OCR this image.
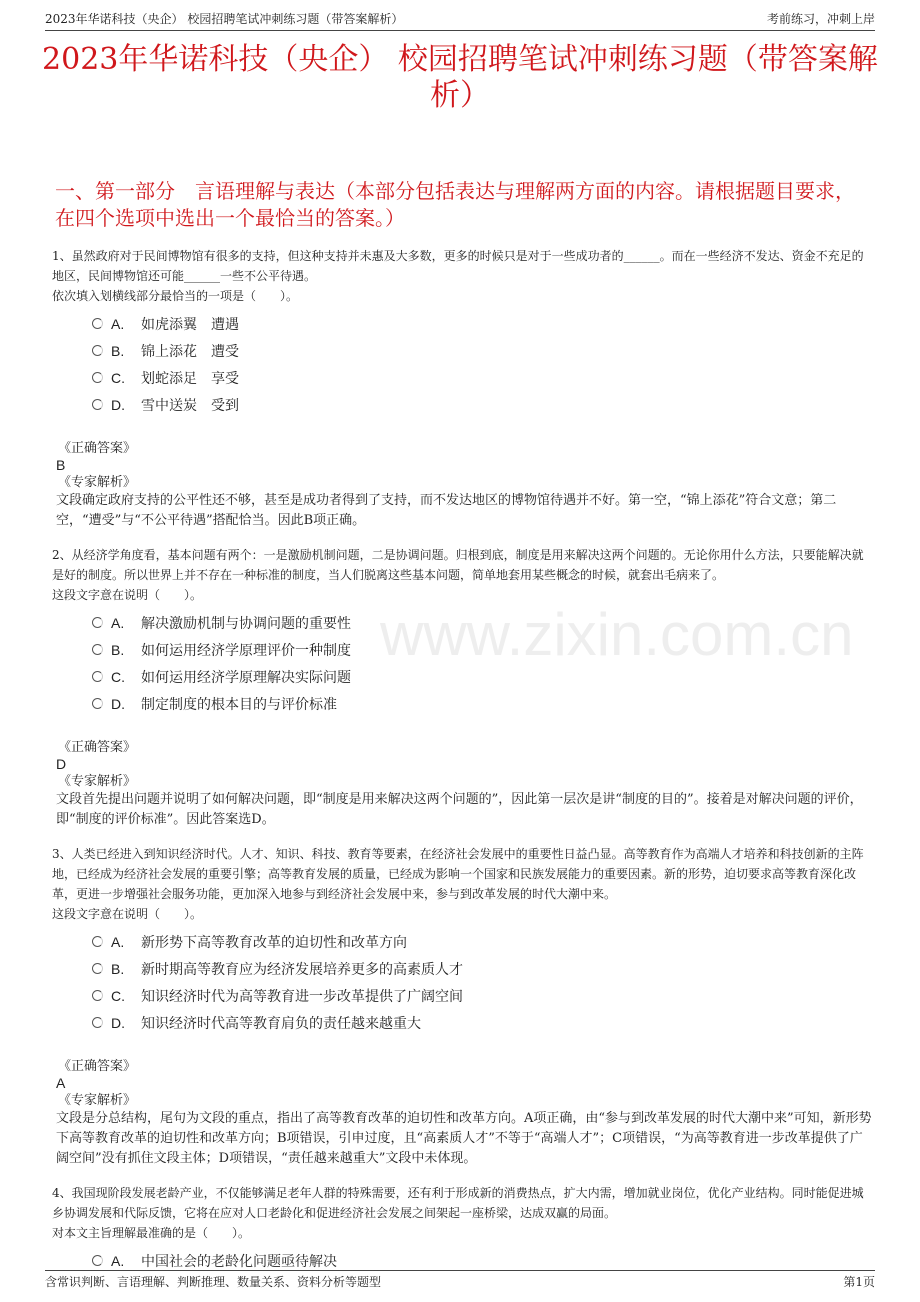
2023年华诺科技（央企） 校园招聘笔试冲刺练习题（带答案解析）	考前练习，冲刺上岸
2023年华诺科技（央企） 校园招聘笔试冲刺练习题（带答案解析）
一、第一部分　言语理解与表达（本部分包括表达与理解两方面的内容。请根据题目要求，在四个选项中选出一个最恰当的答案。）
www.zixin.com.cn

1、虽然政府对于民间博物馆有很多的支持，但这种支持并未惠及大多数，更多的时候只是对于一些成功者的______。而在一些经济不发达、资金不充足的地区，民间博物馆还可能______一些不公平待遇。

依次填入划横线部分最恰当的一项是（　　）。

A.	如虎添翼　遭遇
B.	锦上添花　遭受
C.	划蛇添足　享受
D.	雪中送炭　受到
《正确答案》
B
《专家解析》

文段确定政府支持的公平性还不够，甚至是成功者得到了支持，而不发达地区的博物馆待遇并不好。第一空，“锦上添花”符合文意；第二空，“遭受”与“不公平待遇”搭配恰当。因此B项正确。

2、从经济学角度看，基本问题有两个：一是激励机制问题，二是协调问题。归根到底，制度是用来解决这两个问题的。无论你用什么方法，只要能解决就是好的制度。所以世界上并不存在一种标准的制度，当人们脱离这些基本问题，简单地套用某些概念的时候，就套出毛病来了。

这段文字意在说明（　　）。

A.	解决激励机制与协调问题的重要性
B.	如何运用经济学原理评价一种制度
C.	如何运用经济学原理解决实际问题
D.	制定制度的根本目的与评价标准
《正确答案》
D
《专家解析》

文段首先提出问题并说明了如何解决问题，即“制度是用来解决这两个问题的”，因此第一层次是讲“制度的目的”。接着是对解决问题的评价，即“制度的评价标准”。因此答案选D。

3、人类已经进入到知识经济时代。人才、知识、科技、教育等要素，在经济社会发展中的重要性日益凸显。高等教育作为高端人才培养和科技创新的主阵地，已经成为经济社会发展的重要引擎；高等教育发展的质量，已经成为影响一个国家和民族发展能力的重要因素。新的形势，迫切要求高等教育深化改革，更进一步增强社会服务功能，更加深入地参与到经济社会发展中来，参与到改革发展的时代大潮中来。

这段文字意在说明（　　）。

A.	新形势下高等教育改革的迫切性和改革方向
B.	新时期高等教育应为经济发展培养更多的高素质人才
C.	知识经济时代为高等教育进一步改革提供了广阔空间
D.	知识经济时代高等教育肩负的责任越来越重大
《正确答案》
A
《专家解析》

文段是分总结构，尾句为文段的重点，指出了高等教育改革的迫切性和改革方向。A项正确，由“参与到改革发展的时代大潮中来”可知，新形势下高等教育改革的迫切性和改革方向；B项错误，引申过度，且“高素质人才”不等于“高端人才”；C项错误，“为高等教育进一步改革提供了广阔空间”没有抓住文段主体；D项错误，“责任越来越重大”文段中未体现。

4、我国现阶段发展老龄产业，不仅能够满足老年人群的特殊需要，还有利于形成新的消费热点，扩大内需，增加就业岗位，优化产业结构。同时能促进城乡协调发展和代际反馈，它将在应对人口老龄化和促进经济社会发展之间架起一座桥梁，达成双赢的局面。

对本文主旨理解最准确的是（　　）。

A.	中国社会的老龄化问题亟待解决
含常识判断、言语理解、判断推理、数量关系、资料分析等题型	第1页
